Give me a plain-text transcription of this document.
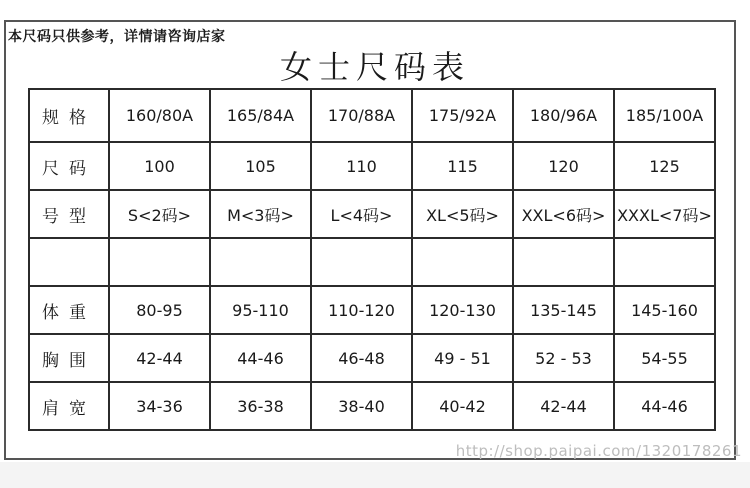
本尺码只供参考，详情请咨询店家
女士尺码表
规格	160/80A	165/84A	170/88A	175/92A	180/96A	185/100A
尺码	100	105	110	115	120	125
号型	S<2码>	M<3码>	L<4码>	XL<5码>	XXL<6码>	XXXL<7码>

体重	80-95	95-110	110-120	120-130	135-145	145-160
胸围	42-44	44-46	46-48	49 - 51	52 - 53	54-55
肩宽	34-36	36-38	38-40	40-42	42-44	44-46
http://shop.paipai.com/1320178261
